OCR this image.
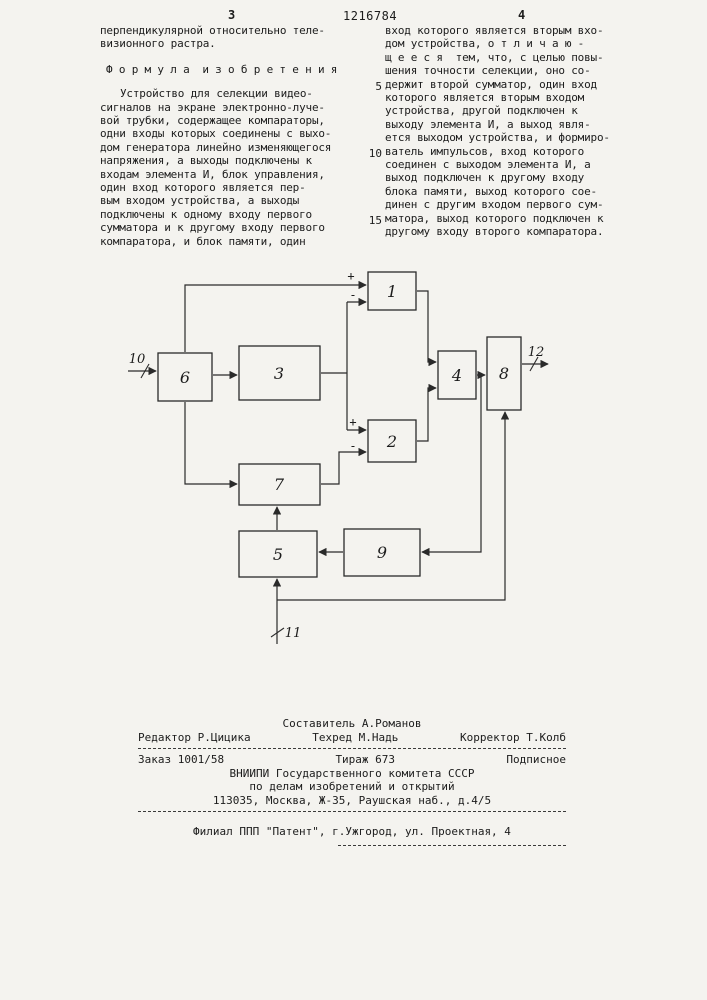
3	1216784	4
перпендикулярной относительно теле-
визионного растра.
Ф о р м у л а  и з о б р е т е н и я
Устройство для селекции видео-
сигналов на экране электронно-луче-
вой трубки, содержащее компараторы,
одни входы которых соединены с выхо-
дом генератора линейно изменяющегося
напряжения, а выходы подключены к
входам элемента И, блок управления,
один вход которого является пер-
вым входом устройства, а выходы
подключены к одному входу первого
сумматора и к другому входу первого
компаратора, и блок памяти, один
5
10
15
вход которого является вторым вхо-
дом устройства, о т л и ч а ю -
щ е е с я  тем, что, с целью повы-
шения точности селекции, оно со-
держит второй сумматор, один вход
которого является вторым входом
устройства, другой подключен к
выходу элемента И, а выход явля-
ется выходом устройства, и формиро-
ватель импульсов, вход которого
соединен с выходом элемента И, а
выход подключен к другому входу
блока памяти, выход которого сое-
динен с другим входом первого сум-
матора, выход которого подключен к
другому входу второго компаратора.
1
2
3	4
5
6
7
8
9
10
11
12
+
-
+
-
Составитель А.Романов
Редактор Р.Цицика	Техред М.Надь	Корректор Т.Колб
Заказ 1001/58	Тираж 673	Подписное
ВНИИПИ Государственного комитета СССР
по делам изобретений и открытий
113035, Москва, Ж-35, Раушская наб., д.4/5
Филиал ППП "Патент", г.Ужгород, ул. Проектная, 4
